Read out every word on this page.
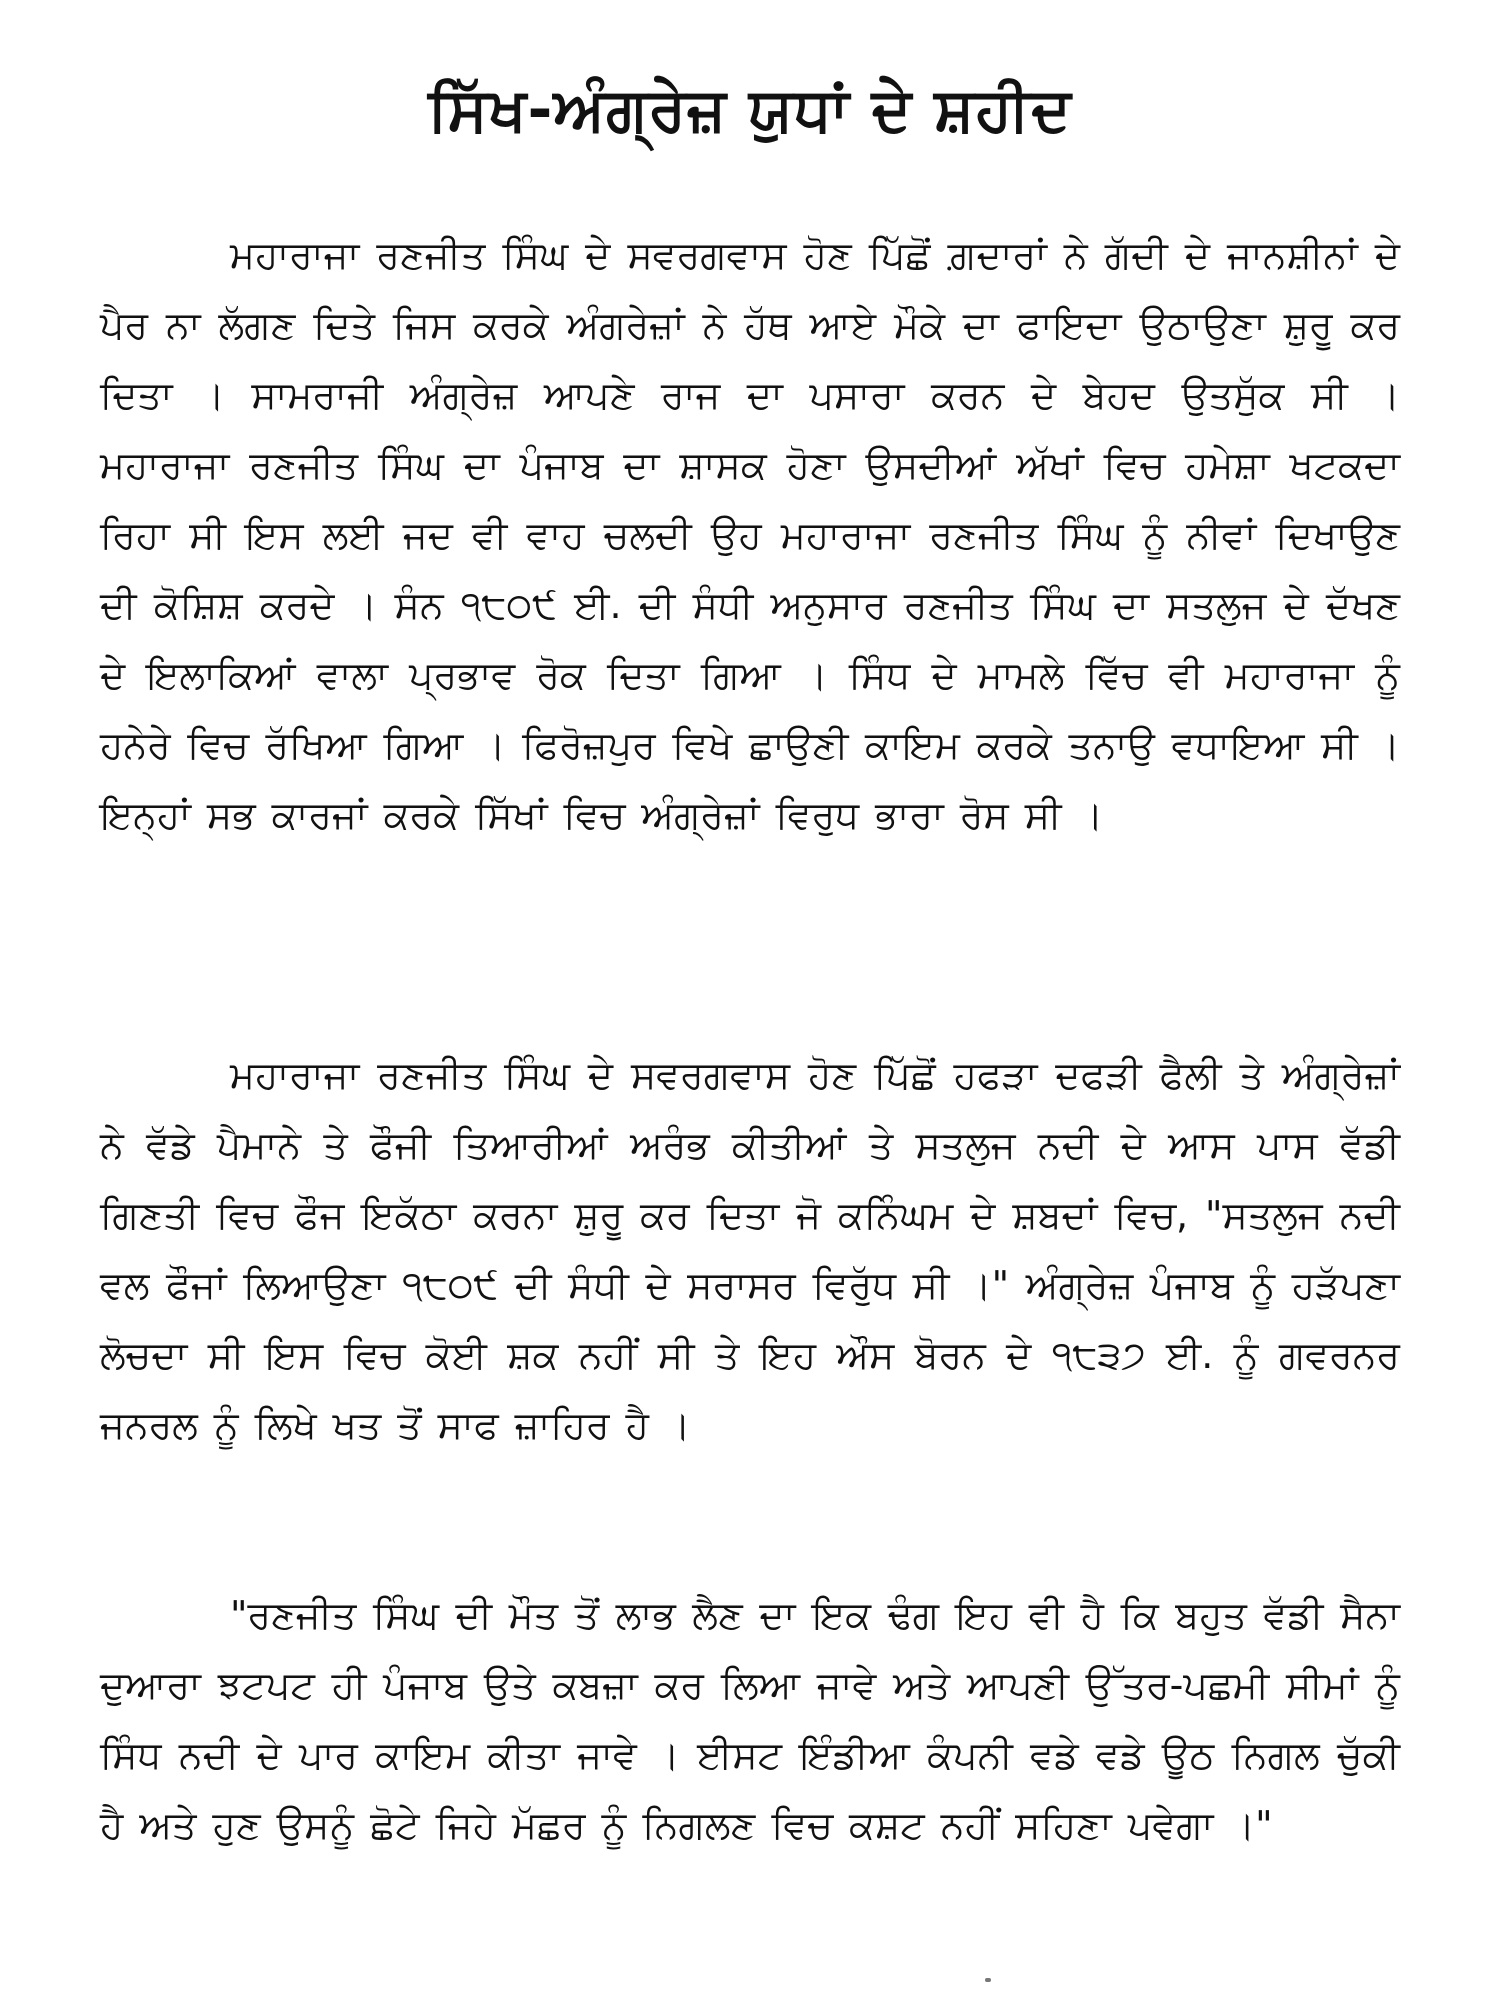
ਸਿੱਖ-ਅੰਗ੍ਰੇਜ਼ ਯੁਧਾਂ ਦੇ ਸ਼ਹੀਦ

ਮਹਾਰਾਜਾ ਰਣਜੀਤ ਸਿੰਘ ਦੇ ਸਵਰਗਵਾਸ ਹੋਣ ਪਿੱਛੋਂ ਗ਼ਦਾਰਾਂ ਨੇ ਗੱਦੀ ਦੇ ਜਾਨਸ਼ੀਨਾਂ ਦੇ ਪੈਰ ਨਾ ਲੱਗਣ ਦਿਤੇ ਜਿਸ ਕਰਕੇ ਅੰਗਰੇਜ਼ਾਂ ਨੇ ਹੱਥ ਆਏ ਮੌਕੇ ਦਾ ਫਾਇਦਾ ਉਠਾਉਣਾ ਸ਼ੁਰੂ ਕਰ ਦਿਤਾ । ਸਾਮਰਾਜੀ ਅੰਗ੍ਰੇਜ਼ ਆਪਣੇ ਰਾਜ ਦਾ ਪਸਾਰਾ ਕਰਨ ਦੇ ਬੇਹਦ ਉਤਸੁੱਕ ਸੀ । ਮਹਾਰਾਜਾ ਰਣਜੀਤ ਸਿੰਘ ਦਾ ਪੰਜਾਬ ਦਾ ਸ਼ਾਸਕ ਹੋਣਾ ਉਸਦੀਆਂ ਅੱਖਾਂ ਵਿਚ ਹਮੇਸ਼ਾ ਖਟਕਦਾ ਰਿਹਾ ਸੀ ਇਸ ਲਈ ਜਦ ਵੀ ਵਾਹ ਚਲਦੀ ਉਹ ਮਹਾਰਾਜਾ ਰਣਜੀਤ ਸਿੰਘ ਨੂੰ ਨੀਵਾਂ ਦਿਖਾਉਣ ਦੀ ਕੋਸ਼ਿਸ਼ ਕਰਦੇ । ਸੰਨ ੧੮੦੯ ਈ. ਦੀ ਸੰਧੀ ਅਨੁਸਾਰ ਰਣਜੀਤ ਸਿੰਘ ਦਾ ਸਤਲੁਜ ਦੇ ਦੱਖਣ ਦੇ ਇਲਾਕਿਆਂ ਵਾਲਾ ਪ੍ਰਭਾਵ ਰੋਕ ਦਿਤਾ ਗਿਆ । ਸਿੰਧ ਦੇ ਮਾਮਲੇ ਵਿੱਚ ਵੀ ਮਹਾਰਾਜਾ ਨੂੰ ਹਨੇਰੇ ਵਿਚ ਰੱਖਿਆ ਗਿਆ । ਫਿਰੋਜ਼ਪੁਰ ਵਿਖੇ ਛਾਉਣੀ ਕਾਇਮ ਕਰਕੇ ਤਨਾਉ ਵਧਾਇਆ ਸੀ । ਇਨ੍ਹਾਂ ਸਭ ਕਾਰਜਾਂ ਕਰਕੇ ਸਿੱਖਾਂ ਵਿਚ ਅੰਗ੍ਰੇਜ਼ਾਂ ਵਿਰੁਧ ਭਾਰਾ ਰੋਸ ਸੀ ।

ਮਹਾਰਾਜਾ ਰਣਜੀਤ ਸਿੰਘ ਦੇ ਸਵਰਗਵਾਸ ਹੋਣ ਪਿੱਛੋਂ ਹਫੜਾ ਦਫੜੀ ਫੈਲੀ ਤੇ ਅੰਗ੍ਰੇਜ਼ਾਂ ਨੇ ਵੱਡੇ ਪੈਮਾਨੇ ਤੇ ਫੌਜੀ ਤਿਆਰੀਆਂ ਅਰੰਭ ਕੀਤੀਆਂ ਤੇ ਸਤਲੁਜ ਨਦੀ ਦੇ ਆਸ ਪਾਸ ਵੱਡੀ ਗਿਣਤੀ ਵਿਚ ਫੌਜ ਇਕੱਠਾ ਕਰਨਾ ਸ਼ੁਰੂ ਕਰ ਦਿਤਾ ਜੋ ਕਨਿੰਘਮ ਦੇ ਸ਼ਬਦਾਂ ਵਿਚ, "ਸਤਲੁਜ ਨਦੀ ਵਲ ਫੌਜਾਂ ਲਿਆਉਣਾ ੧੮੦੯ ਦੀ ਸੰਧੀ ਦੇ ਸਰਾਸਰ ਵਿਰੁੱਧ ਸੀ ।" ਅੰਗ੍ਰੇਜ਼ ਪੰਜਾਬ ਨੂੰ ਹੜੱਪਣਾ ਲੋਚਦਾ ਸੀ ਇਸ ਵਿਚ ਕੋਈ ਸ਼ਕ ਨਹੀਂ ਸੀ ਤੇ ਇਹ ਔਸ ਬੋਰਨ ਦੇ ੧੮੩੭ ਈ. ਨੂੰ ਗਵਰਨਰ ਜਨਰਲ ਨੂੰ ਲਿਖੇ ਖਤ ਤੋਂ ਸਾਫ ਜ਼ਾਹਿਰ ਹੈ ।

"ਰਣਜੀਤ ਸਿੰਘ ਦੀ ਮੌਤ ਤੋਂ ਲਾਭ ਲੈਣ ਦਾ ਇਕ ਢੰਗ ਇਹ ਵੀ ਹੈ ਕਿ ਬਹੁਤ ਵੱਡੀ ਸੈਨਾ ਦੁਆਰਾ ਝਟਪਟ ਹੀ ਪੰਜਾਬ ਉਤੇ ਕਬਜ਼ਾ ਕਰ ਲਿਆ ਜਾਵੇ ਅਤੇ ਆਪਣੀ ਉੱਤਰ-ਪਛਮੀ ਸੀਮਾਂ ਨੂੰ ਸਿੰਧ ਨਦੀ ਦੇ ਪਾਰ ਕਾਇਮ ਕੀਤਾ ਜਾਵੇ । ਈਸਟ ਇੰਡੀਆ ਕੰਪਨੀ ਵਡੇ ਵਡੇ ਊਠ ਨਿਗਲ ਚੁੱਕੀ ਹੈ ਅਤੇ ਹੁਣ ਉਸਨੂੰ ਛੋਟੇ ਜਿਹੇ ਮੱਛਰ ਨੂੰ ਨਿਗਲਣ ਵਿਚ ਕਸ਼ਟ ਨਹੀਂ ਸਹਿਣਾ ਪਵੇਗਾ ।"
